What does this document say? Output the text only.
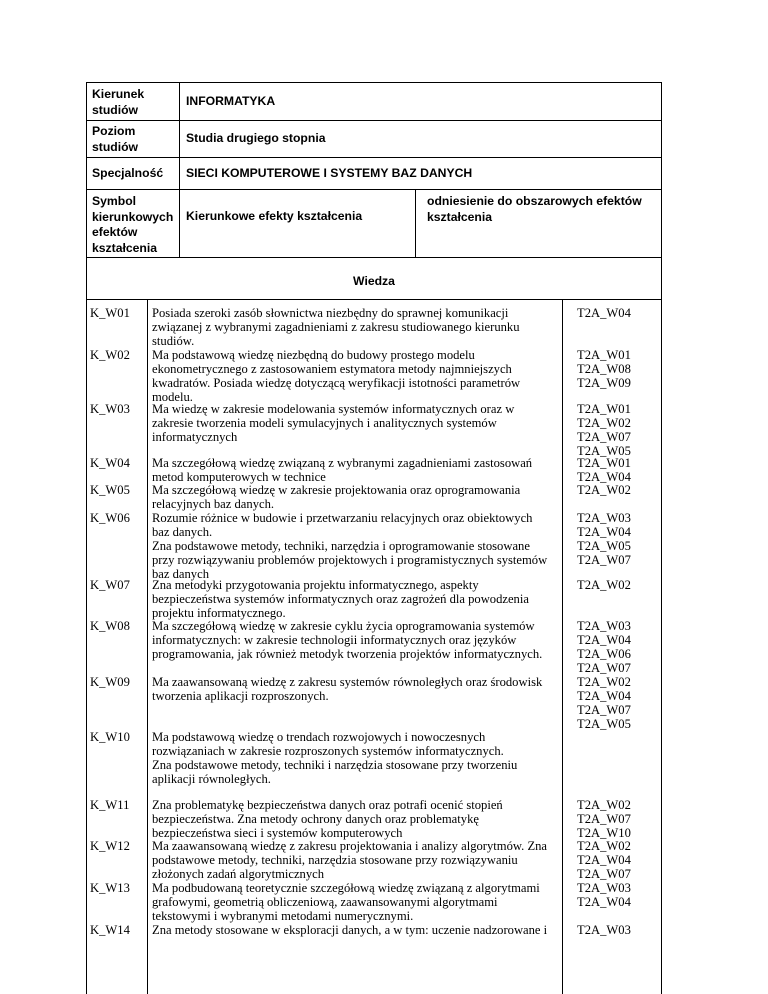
Kierunek studiów
INFORMATYKA
Poziom studiów
Studia drugiego stopnia
Specjalność SIECI KOMPUTEROWE I SYSTEMY BAZ DANYCH
Symbol kierunkowych efektów kształcenia
Kierunkowe efekty kształcenia
odniesienie do obszarowych efektów kształcenia
Wiedza
K_W01 Posiada szeroki zasób słownictwa niezbędny do sprawnej komunikacji
związanej z wybranymi zagadnieniami z zakresu studiowanego kierunku
studiów.
T2A_W04
K_W02 Ma podstawową wiedzę niezbędną do budowy prostego modelu
ekonometrycznego z zastosowaniem estymatora metody najmniejszych
kwadratów. Posiada wiedzę dotyczącą weryfikacji istotności parametrów
modelu.
T2A_W01
T2A_W08
T2A_W09
K_W03 Ma wiedzę w zakresie modelowania systemów informatycznych oraz w
zakresie tworzenia modeli symulacyjnych i analitycznych systemów
informatycznych
T2A_W01
T2A_W02
T2A_W07
T2A_W05
K_W04 Ma szczegółową wiedzę związaną z wybranymi zagadnieniami zastosowań
metod komputerowych w technice
T2A_W01
T2A_W04
K_W05 Ma szczegółową wiedzę w zakresie projektowania oraz oprogramowania
relacyjnych baz danych.
T2A_W02
K_W06 Rozumie różnice w budowie i przetwarzaniu relacyjnych oraz obiektowych
baz danych.
Zna podstawowe metody, techniki, narzędzia i oprogramowanie stosowane
przy rozwiązywaniu problemów projektowych i programistycznych systemów
baz danych
T2A_W03
T2A_W04
T2A_W05
T2A_W07
K_W07 Zna metodyki przygotowania projektu informatycznego, aspekty
bezpieczeństwa systemów informatycznych oraz zagrożeń dla powodzenia
projektu informatycznego.
T2A_W02
K_W08 Ma szczegółową wiedzę w zakresie cyklu życia oprogramowania systemów
informatycznych: w zakresie technologii informatycznych oraz języków
programowania, jak również metodyk tworzenia projektów informatycznych.
T2A_W03
T2A_W04
T2A_W06
T2A_W07
K_W09 Ma zaawansowaną wiedzę z zakresu systemów równoległych oraz środowisk
tworzenia aplikacji rozproszonych.
T2A_W02
T2A_W04
T2A_W07
T2A_W05
K_W10 Ma podstawową wiedzę o trendach rozwojowych i nowoczesnych
rozwiązaniach w zakresie rozproszonych systemów informatycznych.
Zna podstawowe metody, techniki i narzędzia stosowane przy tworzeniu
aplikacji równoległych.
K_W11 Zna problematykę bezpieczeństwa danych oraz potrafi ocenić stopień
bezpieczeństwa. Zna metody ochrony danych oraz problematykę
bezpieczeństwa sieci i systemów komputerowych
T2A_W02
T2A_W07
T2A_W10
K_W12 Ma zaawansowaną wiedzę z zakresu projektowania i analizy algorytmów. Zna
podstawowe metody, techniki, narzędzia stosowane przy rozwiązywaniu
złożonych zadań algorytmicznych
T2A_W02
T2A_W04
T2A_W07
K_W13 Ma podbudowaną teoretycznie szczegółową wiedzę związaną z algorytmami
grafowymi, geometrią obliczeniową, zaawansowanymi algorytmami
tekstowymi i wybranymi metodami numerycznymi.
T2A_W03
T2A_W04
K_W14 Zna metody stosowane w eksploracji danych, a w tym: uczenie nadzorowane i	T2A_W03
